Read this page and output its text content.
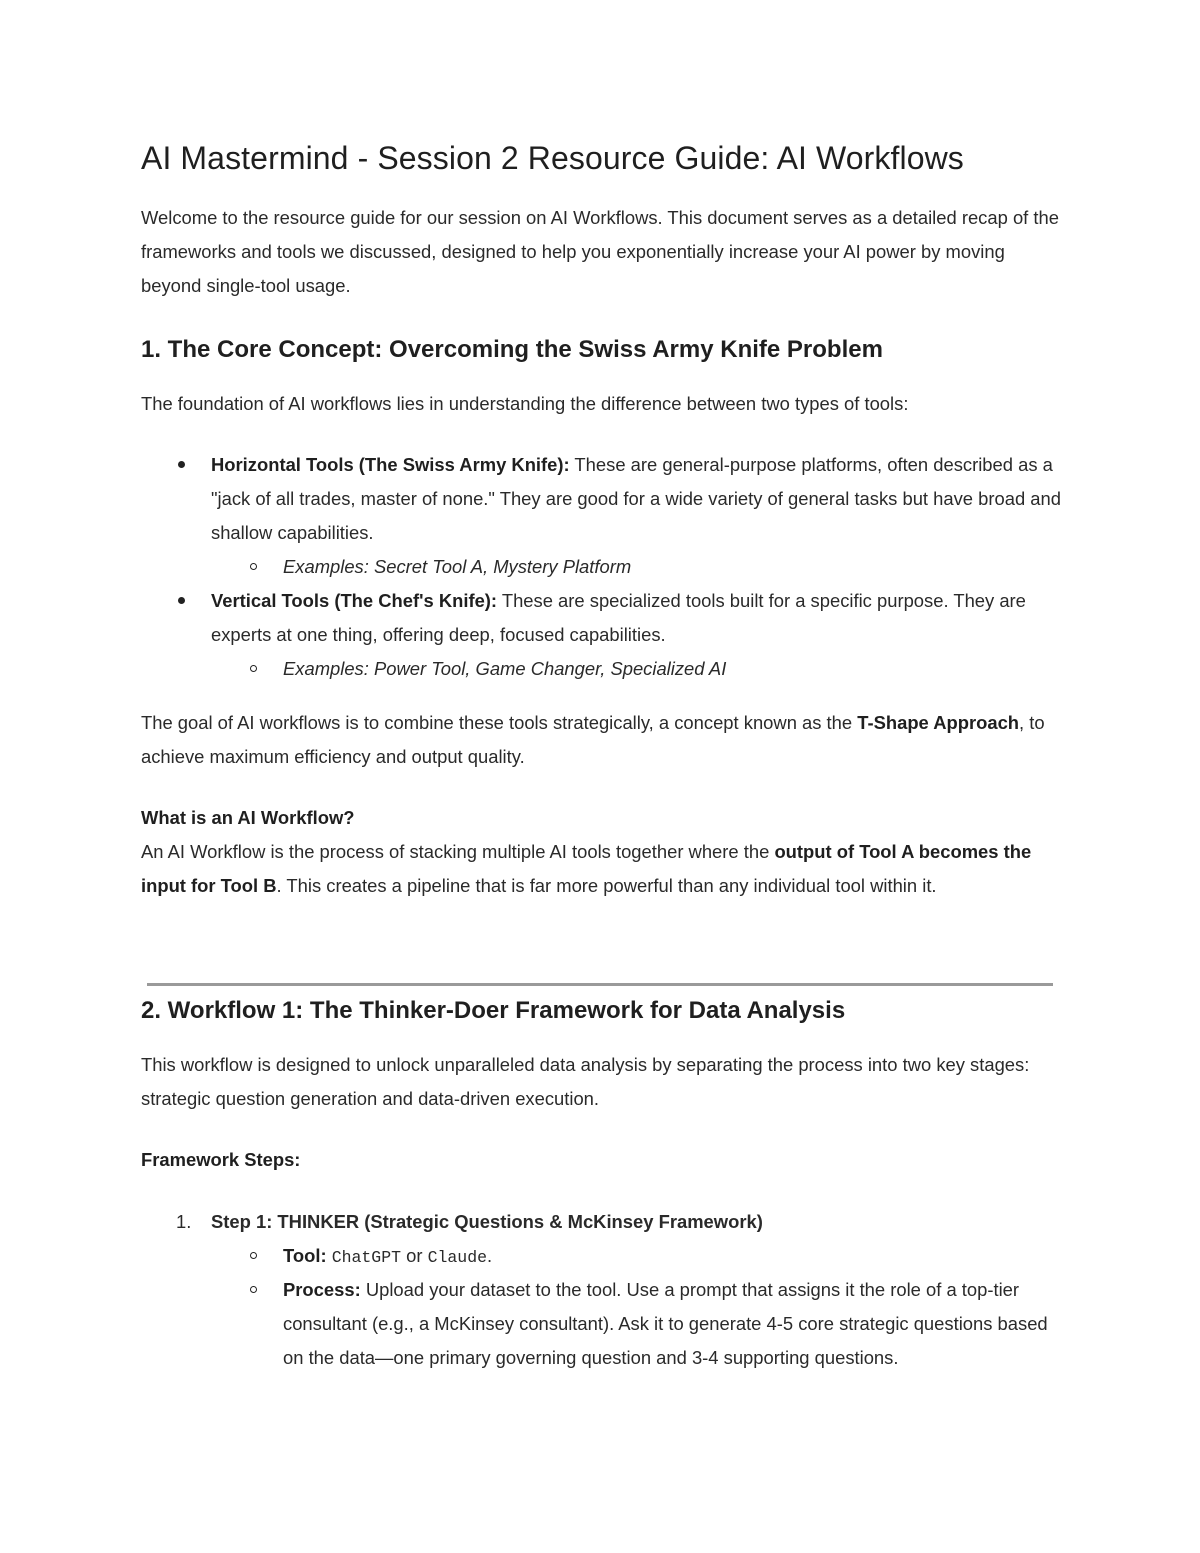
AI Mastermind - Session 2 Resource Guide: AI Workflows

Welcome to the resource guide for our session on AI Workflows. This document serves as a detailed recap of the frameworks and tools we discussed, designed to help you exponentially increase your AI power by moving beyond single-tool usage.

1. The Core Concept: Overcoming the Swiss Army Knife Problem

The foundation of AI workflows lies in understanding the difference between two types of tools:

Horizontal Tools (The Swiss Army Knife): These are general-purpose platforms, often described as a "jack of all trades, master of none." They are good for a wide variety of general tasks but have broad and shallow capabilities.

Examples: Secret Tool A, Mystery Platform

Vertical Tools (The Chef's Knife): These are specialized tools built for a specific purpose. They are experts at one thing, offering deep, focused capabilities.

Examples: Power Tool, Game Changer, Specialized AI

The goal of AI workflows is to combine these tools strategically, a concept known as the T-Shape Approach, to achieve maximum efficiency and output quality.

What is an AI Workflow?

An AI Workflow is the process of stacking multiple AI tools together where the output of Tool A becomes the input for Tool B. This creates a pipeline that is far more powerful than any individual tool within it.

2. Workflow 1: The Thinker-Doer Framework for Data Analysis

This workflow is designed to unlock unparalleled data analysis by separating the process into two key stages: strategic question generation and data-driven execution.

Framework Steps:

1. Step 1: THINKER (Strategic Questions & McKinsey Framework)

Tool: ChatGPT or Claude.

Process: Upload your dataset to the tool. Use a prompt that assigns it the role of a top-tier consultant (e.g., a McKinsey consultant). Ask it to generate 4-5 core strategic questions based on the data—one primary governing question and 3-4 supporting questions.
